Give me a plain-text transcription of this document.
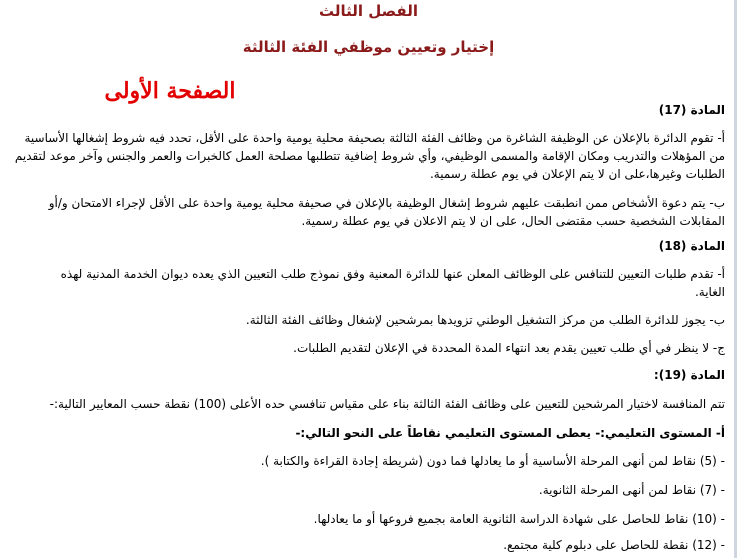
الفصل الثالث
إختيار وتعيين موظفي الفئة الثالثة
الصفحة الأولى
المادة (17)
أ- تقوم الدائرة بالإعلان عن الوظيفة الشاغرة من وظائف الفئة الثالثة بصحيفة محلية يومية واحدة على الأقل، تحدد فيه شروط إشغالها الأساسية
من المؤهلات والتدريب ومكان الإقامة والمسمى الوظيفي، وأي شروط إضافية تتطلبها مصلحة العمل كالخبرات والعمر والجنس وآخر موعد لتقديم
الطلبات وغيرها،على ان لا يتم الإعلان في يوم عطلة رسمية.
ب- يتم دعوة الأشخاص ممن انطبقت عليهم شروط إشغال الوظيفة بالإعلان في صحيفة محلية يومية واحدة على الأقل لإجراء الامتحان و/أو
المقابلات الشخصية حسب مقتضى الحال، على ان لا يتم الاعلان في يوم عطلة رسمية.
المادة (18)
أ- تقدم طلبات التعيين للتنافس على الوظائف المعلن عنها للدائرة المعنية وفق نموذج طلب التعيين الذي يعده ديوان الخدمة المدنية لهذه
الغاية.
ب- يجوز للدائرة الطلب من مركز التشغيل الوطني تزويدها بمرشحين لإشغال وظائف الفئة الثالثة.
ج- لا ينظر في أي طلب تعيين يقدم بعد انتهاء المدة المحددة في الإعلان لتقديم الطلبات.
المادة (19):
تتم المنافسة لاختيار المرشحين للتعيين على وظائف الفئة الثالثة بناء على مقياس تنافسي حده الأعلى (100) نقطة حسب المعايير التالية:-
أ- المستوى التعليمي:- يعطى المستوى التعليمي نقاطاً على النحو التالي:-
- (5) نقاط لمن أنهى المرحلة الأساسية أو ما يعادلها فما دون (شريطة إجادة القراءة والكتابة ).
- (7) نقاط لمن أنهى المرحلة الثانوية.
- (10) نقاط للحاصل على شهادة الدراسة الثانوية العامة بجميع فروعها أو ما يعادلها.
- (12) نقطة للحاصل على دبلوم كلية مجتمع.
